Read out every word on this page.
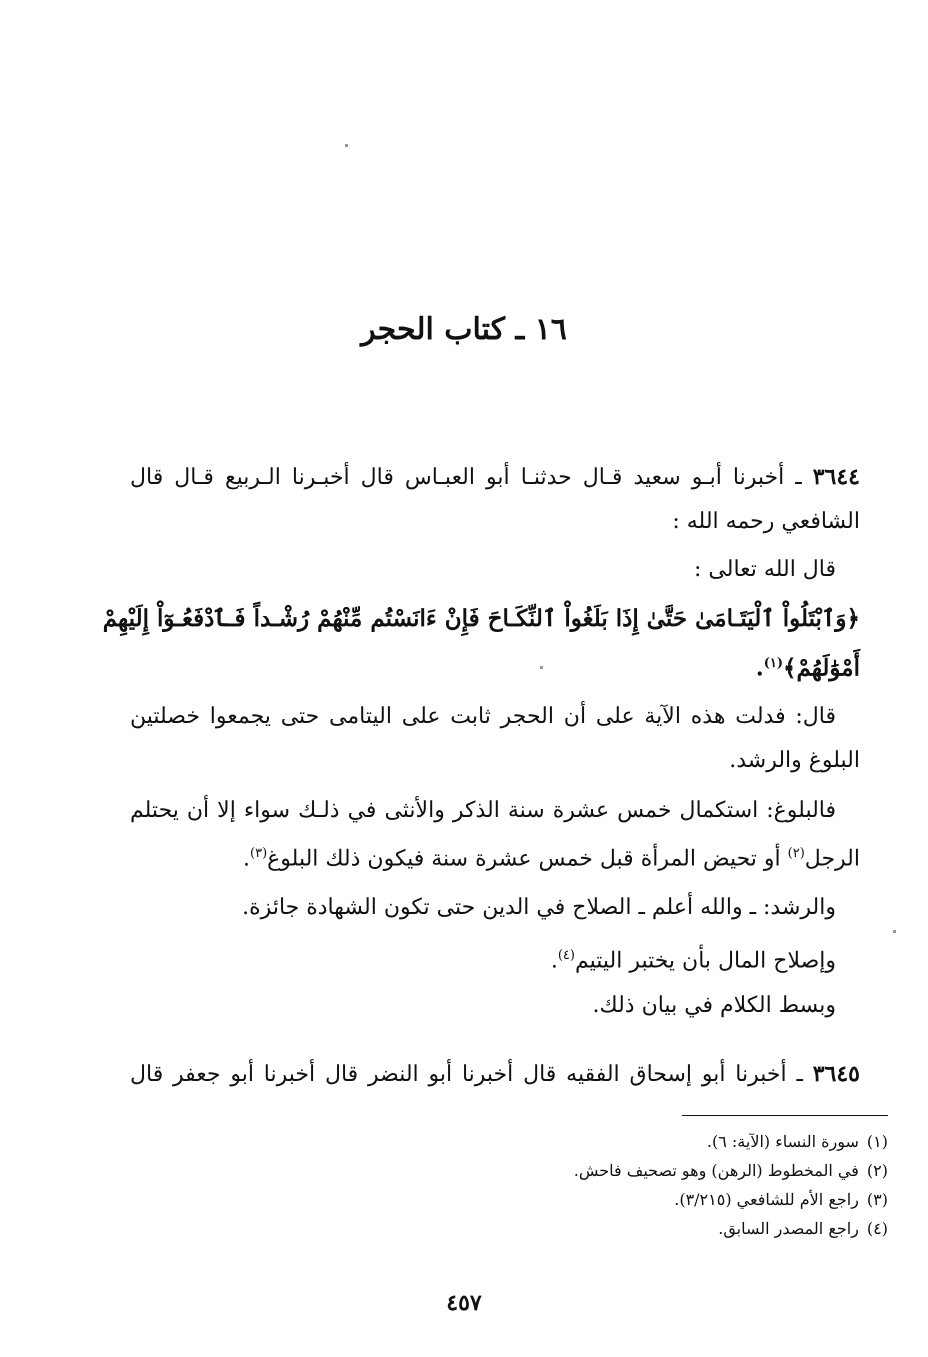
١٦ ـ كتاب الحجر
٣٦٤٤ ـ أخبرنا أبـو سعيد قـال حدثنـا أبو العبـاس قال أخبـرنا الـربيع قـال قال
الشافعي رحمه الله :
قال الله تعالى :
﴿وَٱبْتَلُواْ ٱلْيَتَـامَىٰ حَتَّىٰ إِذَا بَلَغُواْ ٱلنِّكَـاحَ فَإِنْ ءَانَسْتُم مِّنْهُمْ رُشْـداً فَـٱدْفَعُـوٓاْ إِلَيْهِمْ
أَمْوَٰلَهُمْ﴾$^{(١)}$.
قال: فدلت هذه الآية على أن الحجر ثابت على اليتامى حتى يجمعوا خصلتين
البلوغ والرشد.
فالبلوغ: استكمال خمس عشرة سنة الذكر والأنثى في ذلـك سواء إلا أن يحتلم
الرجل$^{(٢)}$ أو تحيض المرأة قبل خمس عشرة سنة فيكون ذلك البلوغ$^{(٣)}$.
والرشد: ـ والله أعلم ـ الصلاح في الدين حتى تكون الشهادة جائزة.
وإصلاح المال بأن يختبر اليتيم$^{(٤)}$.
وبسط الكلام في بيان ذلك.
٣٦٤٥ ـ أخبرنا أبو إسحاق الفقيه قال أخبرنا أبو النضر قال أخبرنا أبو جعفر قال
(١)سورة النساء (الآية: ٦).
(٢)في المخطوط (الرهن) وهو تصحيف فاحش.
(٣)راجع الأم للشافعي (٣/٢١٥).
(٤)راجع المصدر السابق.
٤٥٧
